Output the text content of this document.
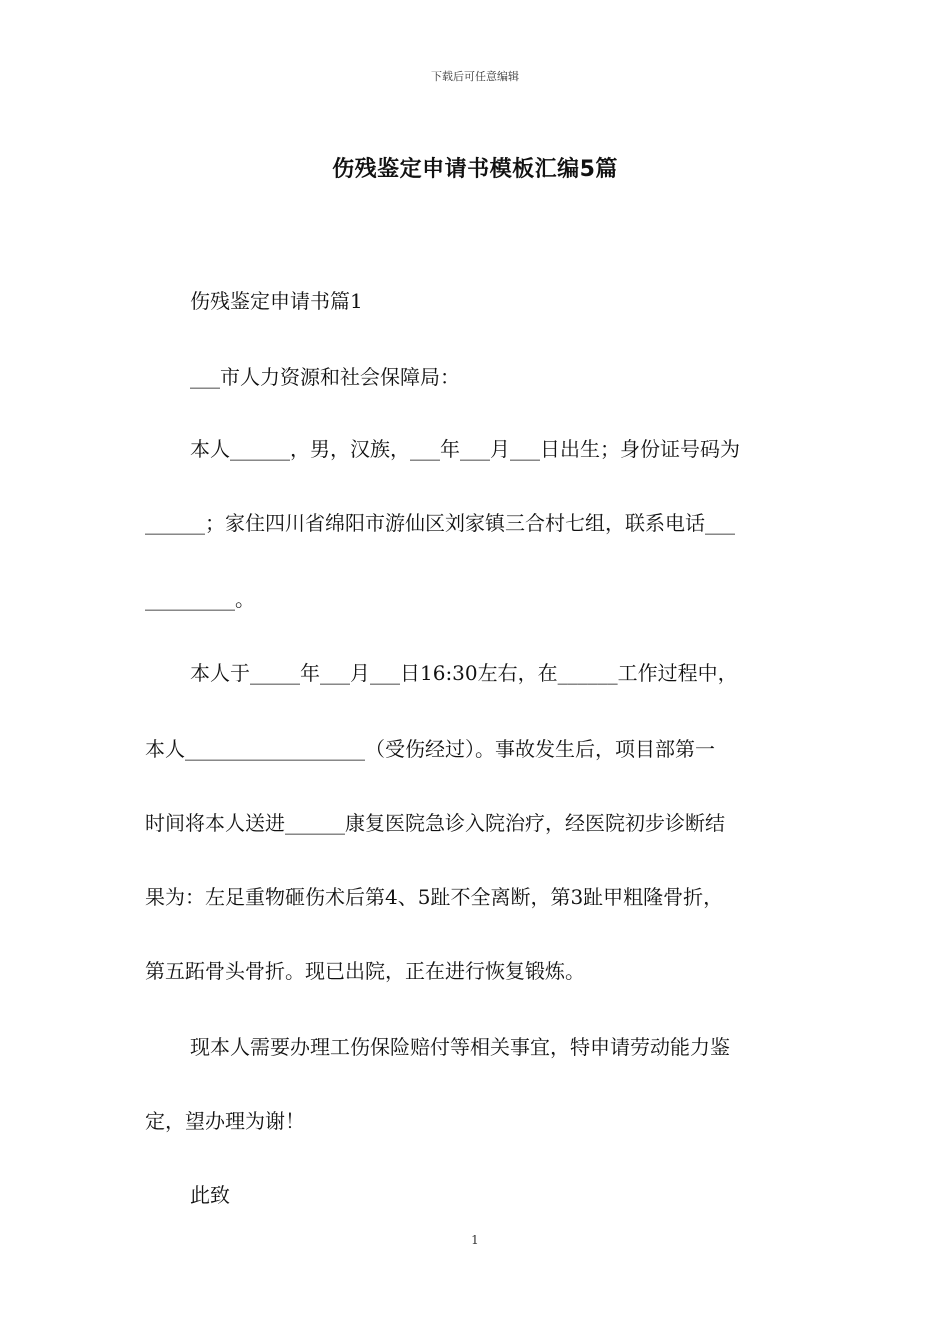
下载后可任意编辑
伤残鉴定申请书模板汇编5篇
伤残鉴定申请书篇1
___市人力资源和社会保障局：
本人______，男，汉族，___年___月___日出生；身份证号码为
______；家住四川省绵阳市游仙区刘家镇三合村七组，联系电话___
_________。
本人于_____年___月___日16:30左右，在______工作过程中，
本人__________________（受伤经过）。事故发生后，项目部第一
时间将本人送进______康复医院急诊入院治疗，经医院初步诊断结
果为：左足重物砸伤术后第4、5趾不全离断，第3趾甲粗隆骨折，
第五跖骨头骨折。现已出院，正在进行恢复锻炼。
现本人需要办理工伤保险赔付等相关事宜，特申请劳动能力鉴
定，望办理为谢！
此致
1
